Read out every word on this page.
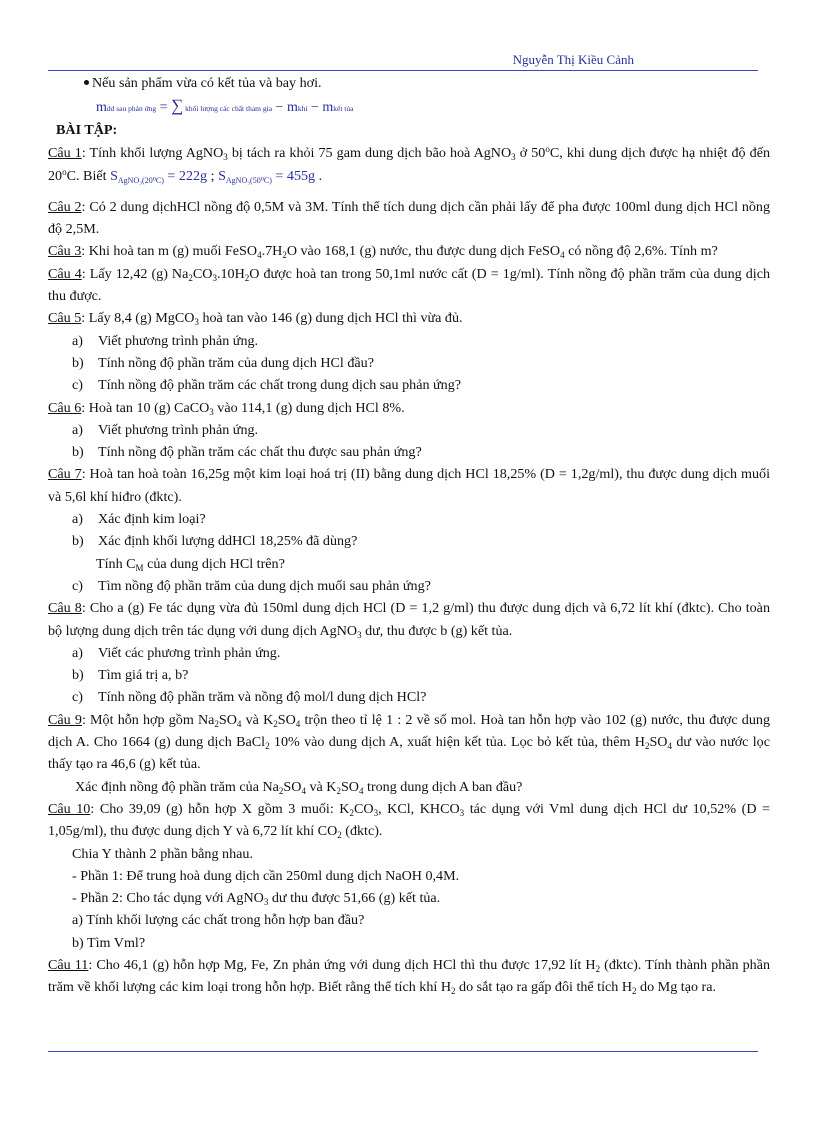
Nguyễn Thị Kiều Cảnh
Nếu sản phẩm vừa có kết tủa và bay hơi.
mdd sau phản ứng = ∑ khối lượng các chất tham gia − mkhí − mkết tủa
BÀI TẬP:
Câu 1: Tính khối lượng AgNO$_3$ bị tách ra khỏi 75 gam dung dịch bão hoà AgNO$_3$ ở 50$^o$C, khi dung dịch được hạ nhiệt độ đến 20$^o$C. Biết $S_{AgNO_3(20^0C)} = 222g$ ; $S_{AgNO_3(50^0C)} = 455g$ .
Câu 2: Có 2 dung dịchHCl nồng độ 0,5M và 3M. Tính thể tích dung dịch cần phải lấy để pha được 100ml dung dịch HCl nồng độ 2,5M.
Câu 3: Khi hoà tan m (g) muối $FeSO_4.7H_2O$ vào 168,1 (g) nước, thu được dung dịch FeSO$_4$ có nồng độ 2,6%. Tính m?
Câu 4: Lấy 12,42 (g) $Na_2CO_3.10H_2O$ được hoà tan trong 50,1ml nước cất (D = 1g/ml). Tính nồng độ phần trăm của dung dịch thu được.
Câu 5: Lấy 8,4 (g) MgCO$_3$ hoà tan vào 146 (g) dung dịch HCl thì vừa đủ.
a) Viết phương trình phản ứng.
b) Tính nồng độ phần trăm của dung dịch HCl đầu?
c) Tính nồng độ phần trăm các chất trong dung dịch sau phản ứng?
Câu 6: Hoà tan 10 (g) CaCO$_3$ vào 114,1 (g) dung dịch HCl 8%.
a) Viết phương trình phản ứng.
b) Tính nồng độ phần trăm các chất thu được sau phản ứng?
Câu 7: Hoà tan hoà toàn 16,25g một kim loại hoá trị (II) bằng dung dịch HCl 18,25% (D = 1,2g/ml), thu được dung dịch muối và 5,6l khí hiđro (đktc).
a) Xác định kim loại?
b) Xác định khối lượng ddHCl 18,25% đã dùng?
Tính $C_M$ của dung dịch HCl trên?
c) Tìm nồng độ phần trăm của dung dịch muối sau phản ứng?
Câu 8: Cho a (g) Fe tác dụng vừa đủ 150ml dung dịch HCl (D = 1,2 g/ml) thu được dung dịch và 6,72 lít khí (đktc). Cho toàn bộ lượng dung dịch trên tác dụng với dung dịch AgNO$_3$ dư, thu được b (g) kết tủa.
a) Viết các phương trình phản ứng.
b) Tìm giá trị a, b?
c) Tính nồng độ phần trăm và nồng độ mol/l dung dịch HCl?
Câu 9: Một hỗn hợp gồm $Na_2SO_4$ và $K_2SO_4$ trộn theo tỉ lệ 1 : 2 về số mol. Hoà tan hỗn hợp vào 102 (g) nước, thu được dung dịch A. Cho 1664 (g) dung dịch BaCl$_2$ 10% vào dung dịch A, xuất hiện kết tủa. Lọc bỏ kết tủa, thêm $H_2SO_4$ dư vào nước lọc thấy tạo ra 46,6 (g) kết tủa.
Xác định nồng độ phần trăm của $Na_2SO_4$ và $K_2SO_4$ trong dung dịch A ban đầu?
Câu 10: Cho 39,09 (g) hỗn hợp X gồm 3 muối: $K_2CO_3$, KCl, $KHCO_3$ tác dụng với Vml dung dịch HCl dư 10,52% (D = 1,05g/ml), thu được dung dịch Y và 6,72 lít khí $CO_2$ (đktc).
Chia Y thành 2 phần bằng nhau.
- Phần 1: Để trung hoà dung dịch cần 250ml dung dịch NaOH 0,4M.
- Phần 2: Cho tác dụng với AgNO$_3$ dư thu được 51,66 (g) kết tủa.
a) Tính khối lượng các chất trong hỗn hợp ban đầu?
b) Tìm Vml?
Câu 11: Cho 46,1 (g) hỗn hợp Mg, Fe, Zn phản ứng với dung dịch HCl thì thu được 17,92 lít $H_2$ (đktc). Tính thành phần phần trăm về khối lượng các kim loại trong hỗn hợp. Biết rằng thể tích khí $H_2$ do sắt tạo ra gấp đôi thể tích $H_2$ do Mg tạo ra.
